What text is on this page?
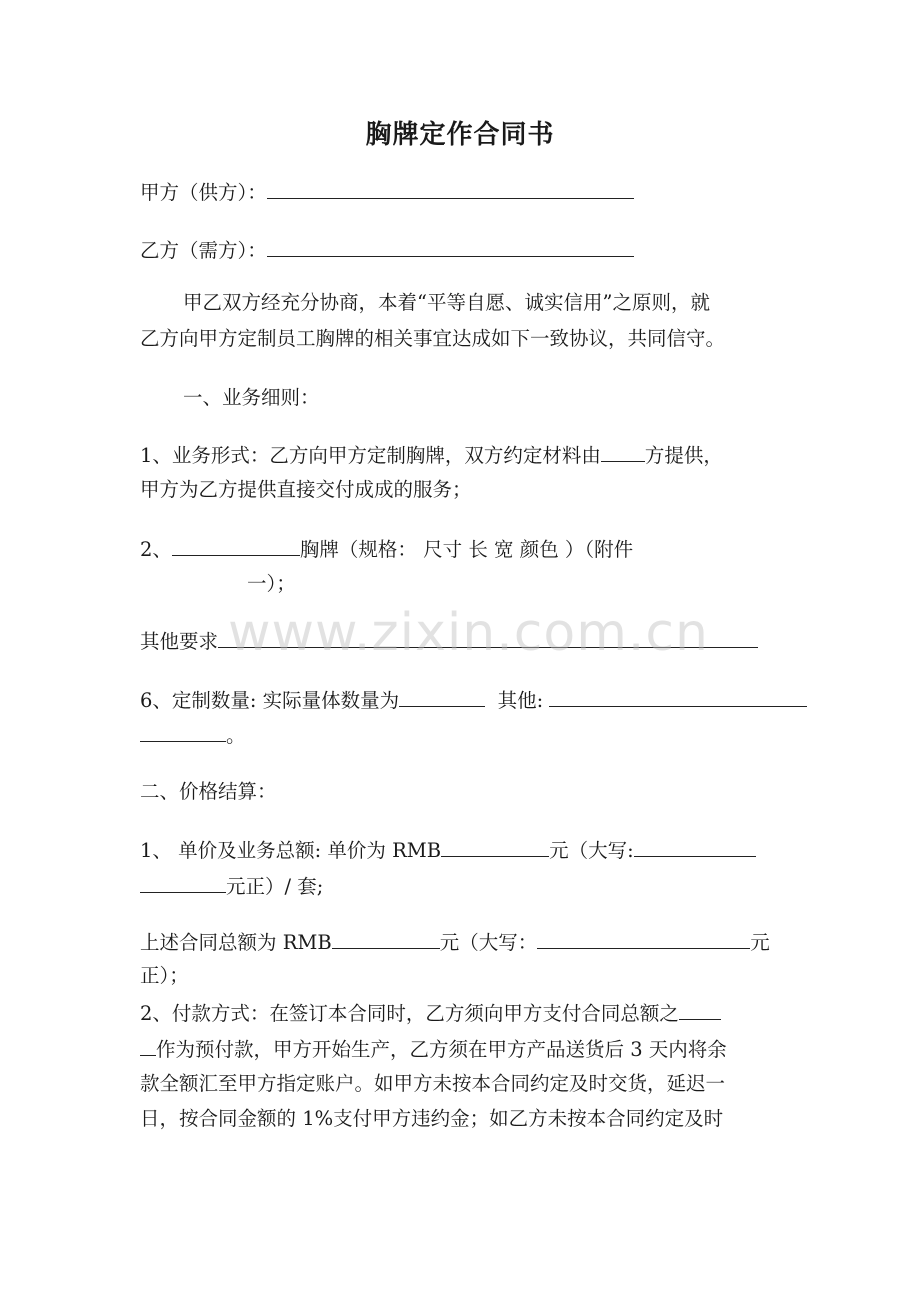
胸牌定作合同书
甲方（供方）：
乙方（需方）：
甲乙双方经充分协商，本着“平等自愿、诚实信用”之原则，就
乙方向甲方定制员工胸牌的相关事宜达成如下一致协议，共同信守。
一、业务细则：
1、业务形式：乙方向甲方定制胸牌，双方约定材料由 方提供，
甲方为乙方提供直接交付成成的服务；
2、	胸牌（规格： 尺寸 长 宽 颜色 ）（附件
一）；
其他要求
6、定制数量: 实际量体数量为	其他:
。
二、价格结算：
1、 单价及业务总额: 单价为 RMB	元（大写:
元正）/ 套;
上述合同总额为 RMB	元（大写：	元
正）；
2、付款方式：在签订本合同时，乙方须向甲方支付合同总额之
作为预付款，甲方开始生产，乙方须在甲方产品送货后 3 天内将余
款全额汇至甲方指定账户。如甲方未按本合同约定及时交货，延迟一
日，按合同金额的 1%支付甲方违约金；如乙方未按本合同约定及时
www.zixin.com.cn
